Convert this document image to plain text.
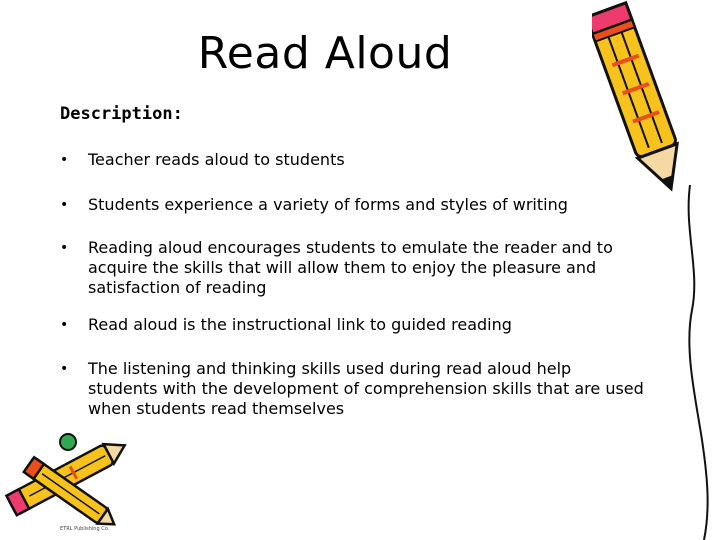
Read Aloud
Description:
• Teacher reads aloud to students
• Students experience a variety of forms and styles of writing
• Reading aloud encourages students to emulate the reader and to acquire the skills that will allow them to enjoy the pleasure and satisfaction of reading
• Read aloud is the instructional link to guided reading
• The listening and thinking skills used during read aloud help students with the development of comprehension skills that are used when students read themselves
ETRL Publishing Co.
